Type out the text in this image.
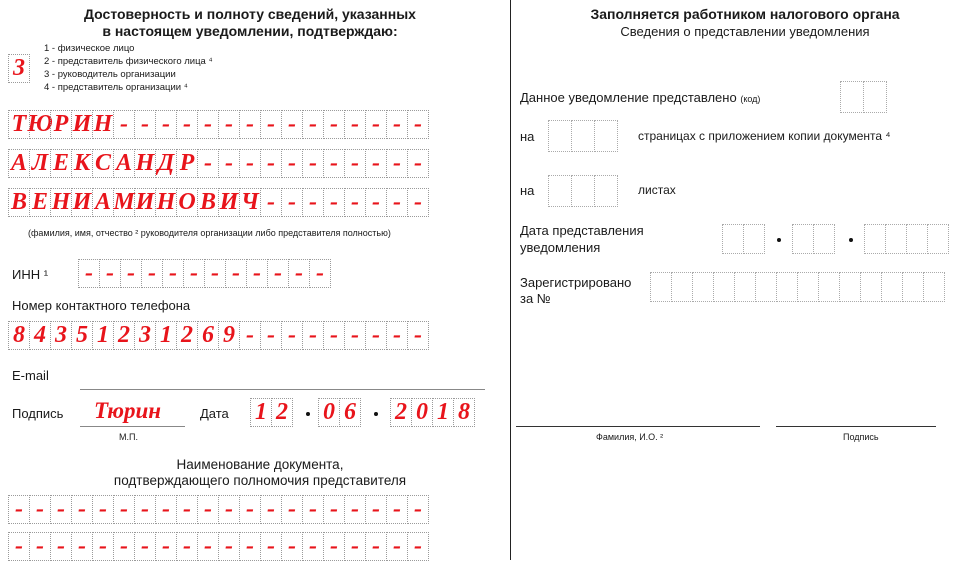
Достоверность и полноту сведений, указанных
в настоящем уведомлении, подтверждаю:
3
1 - физическое лицо
2 - представитель физического лица ⁴
3 - руководитель организации
4 - представитель организации ⁴
Т Ю Р И Н - - - - - - - - - - - - - - -
А Л Е К С А Н Д Р - - - - - - - - - - -
В Е Н И А М И Н О В И Ч - - - - - - - -
(фамилия, имя, отчество ² руководителя организации либо представителя полностью)
ИНН ¹ - - - - - - - - - - - -
Номер контактного телефона
8 4 3 5 1 2 3 1 2 6 9 - - - - - - - - -
E-mail
Подпись Тюрин
М.П.
Дата 1 2 0 6 2 0 1 8
Наименование документа,
подтверждающего полномочия представителя
- - - - - - - - - - - - - - - - - - - -
- - - - - - - - - - - - - - - - - - - -
Заполняется работником налогового органа
Сведения о представлении уведомления
Данное уведомление представлено (код)
на	страницах с приложением копии документа ⁴
на	листах
Дата представления
уведомления
Зарегистрировано
за №
Фамилия, И.О. ²	Подпись
